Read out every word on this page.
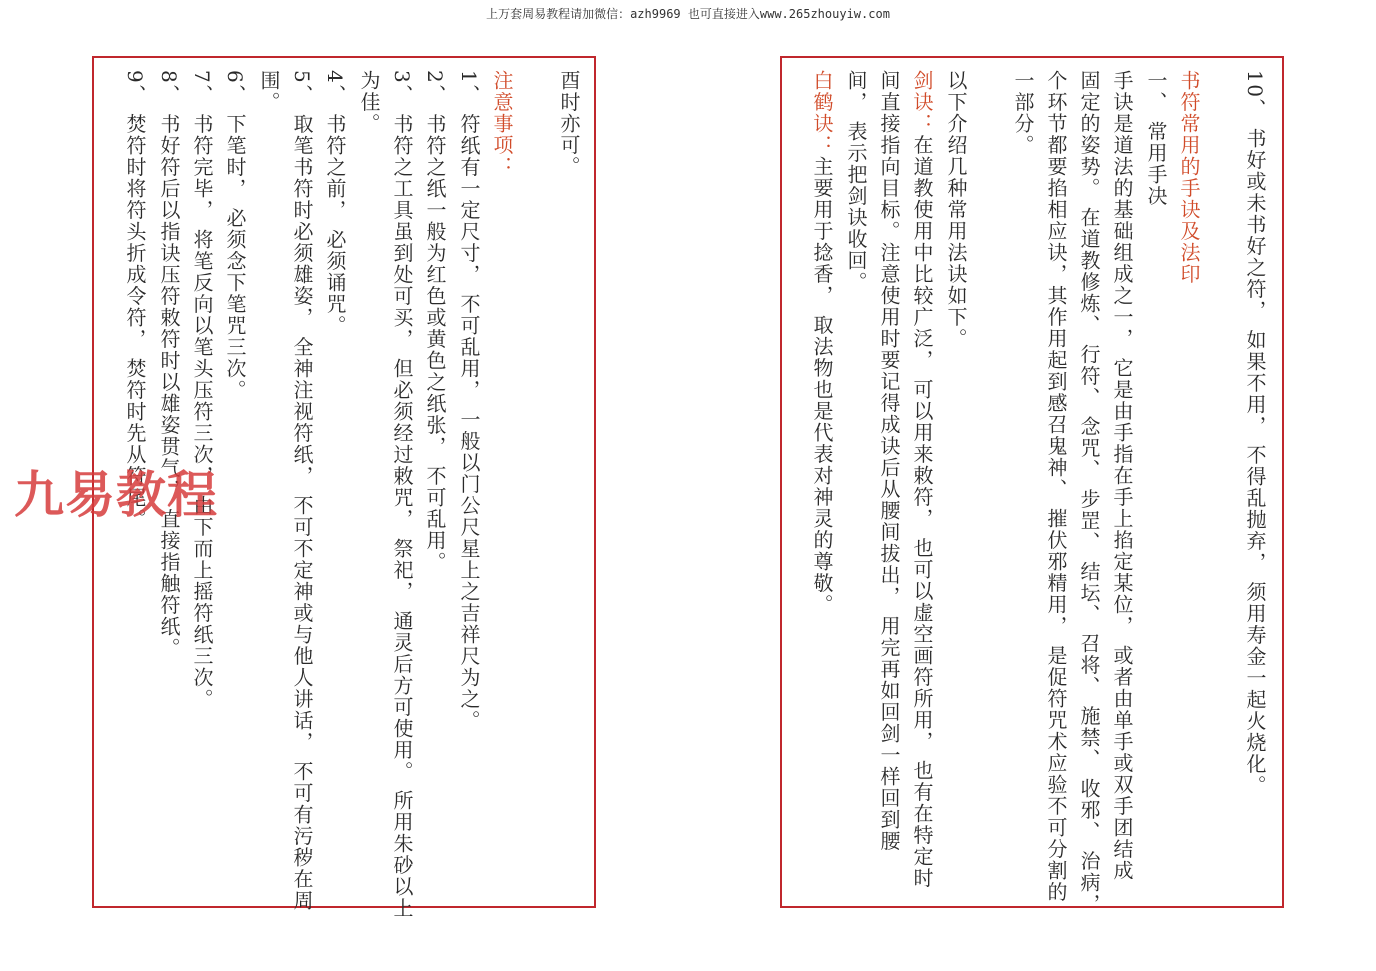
上万套周易教程请加微信：azh9969 也可直接进入www.265zhouyiw.com
10、 书好或未书好之符， 如果不用， 不得乱抛弃， 须用寿金一起火烧化。
书符常用的手诀及法印
一、 常用手决
手诀是道法的基础组成之一， 它是由手指在手上掐定某位， 或者由单手或双手团结成
固定的姿势。 在道教修炼、 行符、 念咒、 步罡、 结坛、 召将、 施禁、 收邪、 治病，
个环节都要掐相应诀，其作用起到感召鬼神、 摧伏邪精用， 是促符咒术应验不可分割的
一部分。
以下介绍几种常用法诀如下。
剑诀：在道教使用中比较广泛， 可以用来敕符， 也可以虚空画符所用， 也有在特定时
间直接指向目标。注意使用时要记得成诀后从腰间拔出， 用完再如回剑一样回到腰
间， 表示把剑诀收回。
白鹤诀：主要用于捻香， 取法物也是代表对神灵的尊敬。
酉时亦可。
注意事项：
1、 符纸有一定尺寸， 不可乱用， 一般以门公尺星上之吉祥尺为之。
2、 书符之纸一般为红色或黄色之纸张， 不可乱用。
3、 书符之工具虽到处可买， 但必须经过敕咒， 祭祀， 通灵后方可使用。 所用朱砂以上
为佳。
4、 书符之前， 必须诵咒。
5、 取笔书符时必须雄姿， 全神注视符纸， 不可不定神或与他人讲话， 不可有污秽在周
围。
6、 下笔时， 必须念下笔咒三次。
7、 书符完毕， 将笔反向以笔头压符三次， 由下而上摇符纸三次。
8、 书好符后以指诀压符敕符时以雄姿贯气， 直接指触符纸。
9、 焚符时将符头折成令符， 焚符时先从符尾。
九易教程
